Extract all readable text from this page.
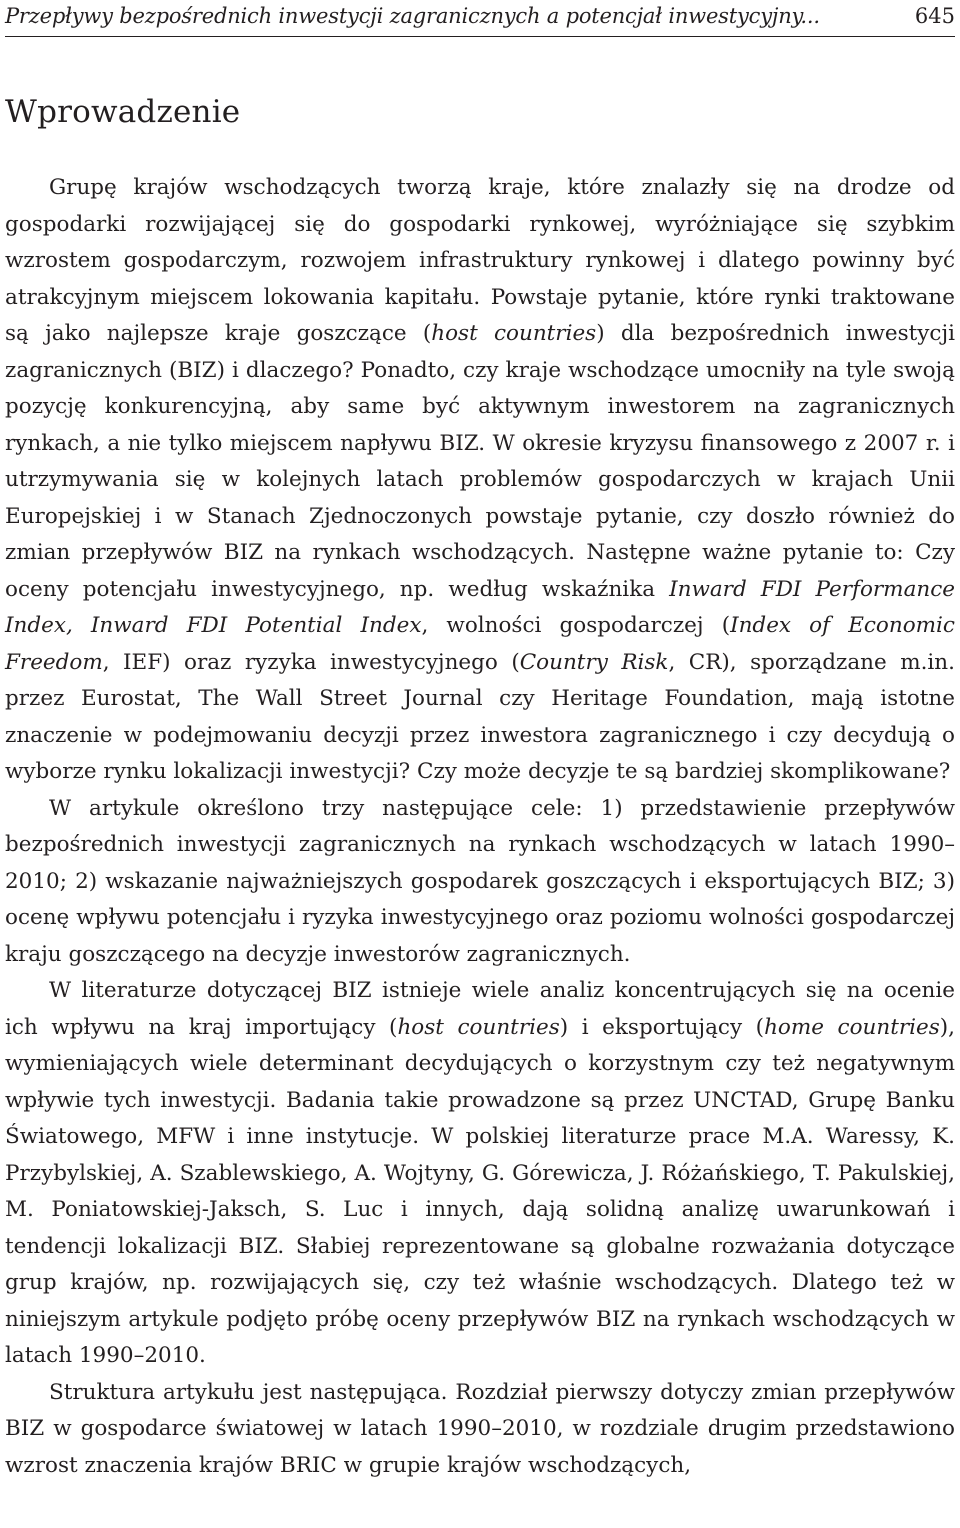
Przepływy bezpośrednich inwestycji zagranicznych a potencjał inwestycyjny...	645
Wprowadzenie

Grupę krajów wschodzących tworzą kraje, które znalazły się na drodze od gospodarki rozwijającej się do gospodarki rynkowej, wyróżniające się szybkim wzrostem gospodarczym, rozwojem infrastruktury rynkowej i dlatego powinny być atrakcyjnym miejscem lokowania kapitału. Powstaje pytanie, które rynki traktowane są jako najlepsze kraje goszczące (host countries) dla bezpośrednich inwestycji zagranicznych (BIZ) i dlaczego? Ponadto, czy kraje wschodzące umocniły na tyle swoją pozycję konkurencyjną, aby same być aktywnym inwestorem na zagranicznych rynkach, a nie tylko miejscem napływu BIZ. W okresie kryzysu finansowego z 2007 r. i utrzymywania się w kolejnych latach problemów gospodarczych w krajach Unii Europejskiej i w Stanach Zjednoczonych powstaje pytanie, czy doszło również do zmian przepływów BIZ na rynkach wschodzących. Następne ważne pytanie to: Czy oceny potencjału inwestycyjnego, np. według wskaźnika Inward FDI Performance Index, Inward FDI Potential Index, wolności gospodarczej (Index of Economic Freedom, IEF) oraz ryzyka inwestycyjnego (Country Risk, CR), sporządzane m.in. przez Eurostat, The Wall Street Journal czy Heritage Foundation, mają istotne znaczenie w podejmowaniu decyzji przez inwestora zagranicznego i czy decydują o wyborze rynku lokalizacji inwestycji? Czy może decyzje te są bardziej skomplikowane?

W artykule określono trzy następujące cele: 1) przedstawienie przepływów bezpośrednich inwestycji zagranicznych na rynkach wschodzących w latach 1990–2010; 2) wskazanie najważniejszych gospodarek goszczących i eksportujących BIZ; 3) ocenę wpływu potencjału i ryzyka inwestycyjnego oraz poziomu wolności gospodarczej kraju goszczącego na decyzje inwestorów zagranicznych.

W literaturze dotyczącej BIZ istnieje wiele analiz koncentrujących się na ocenie ich wpływu na kraj importujący (host countries) i eksportujący (home countries), wymieniających wiele determinant decydujących o korzystnym czy też negatywnym wpływie tych inwestycji. Badania takie prowadzone są przez UNCTAD, Grupę Banku Światowego, MFW i inne instytucje. W polskiej literaturze prace M.A. Waressy, K. Przybylskiej, A. Szablewskiego, A. Wojtyny, G. Górewicza, J. Różańskiego, T. Pakulskiej, M. Poniatowskiej-Jaksch, S. Luc i innych, dają solidną analizę uwarunkowań i tendencji lokalizacji BIZ. Słabiej reprezentowane są globalne rozważania dotyczące grup krajów, np. rozwijających się, czy też właśnie wschodzących. Dlatego też w niniejszym artykule podjęto próbę oceny przepływów BIZ na rynkach wschodzących w latach 1990–2010.

Struktura artykułu jest następująca. Rozdział pierwszy dotyczy zmian przepływów BIZ w gospodarce światowej w latach 1990–2010, w rozdziale drugim przedstawiono wzrost znaczenia krajów BRIC w grupie krajów wschodzących,
